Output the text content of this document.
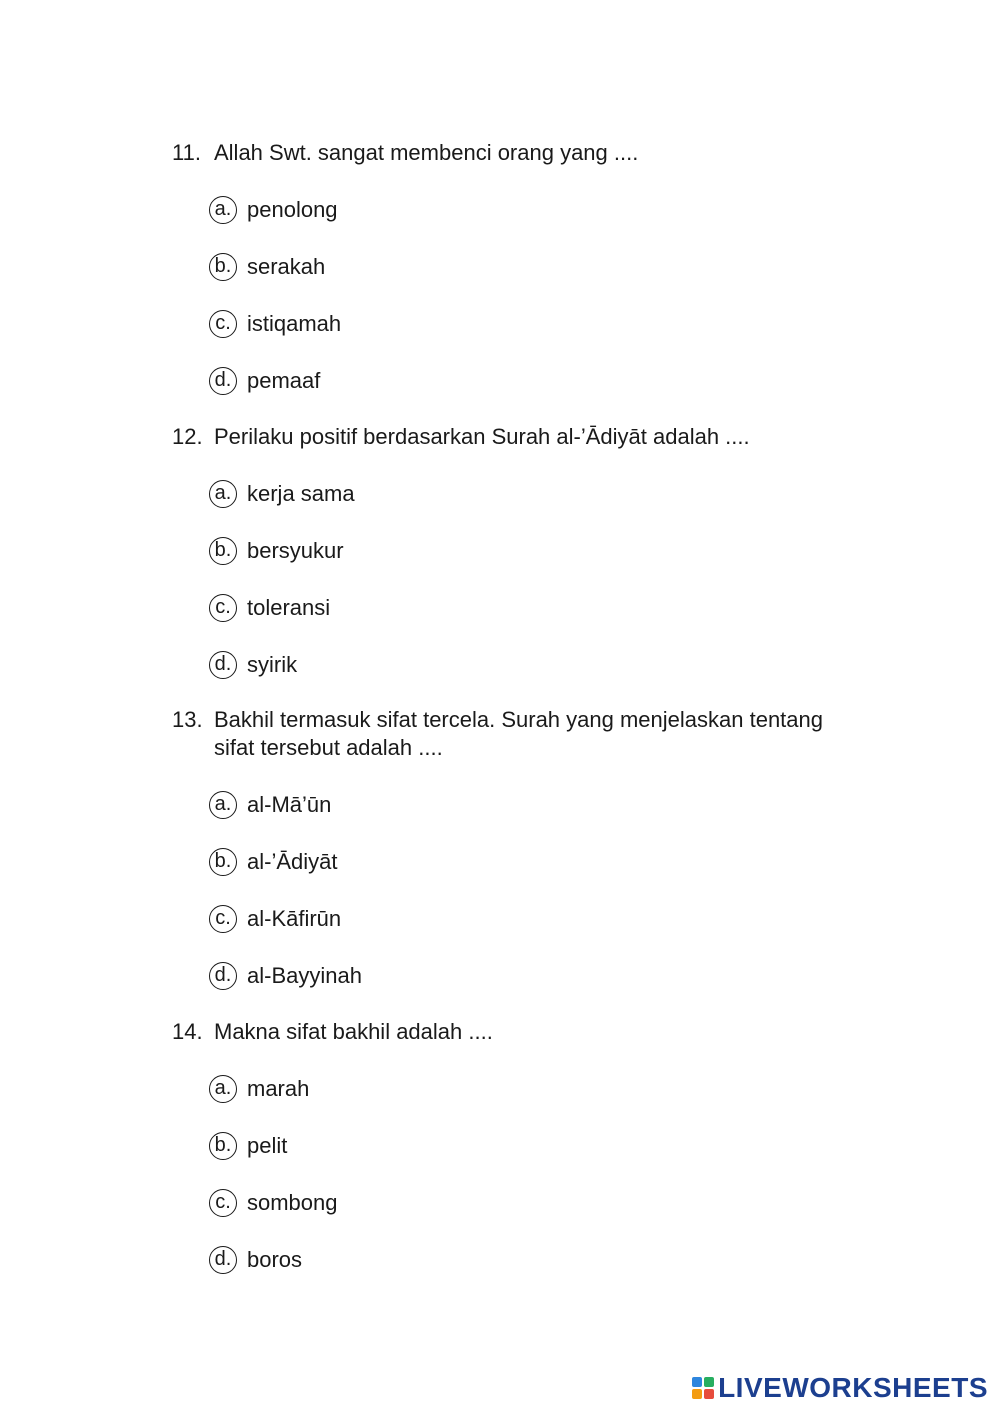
11. Allah Swt. sangat membenci orang yang ....
a. penolong
b. serakah
c. istiqamah
d. pemaaf
12. Perilaku positif berdasarkan Surah al-’Ādiyāt adalah ....
a. kerja sama
b. bersyukur
c. toleransi
d. syirik
13. Bakhil termasuk sifat tercela. Surah yang menjelaskan tentang sifat tersebut adalah ....
a. al-Mā’ūn
b. al-’Ādiyāt
c. al-Kāfirūn
d. al-Bayyinah
14. Makna sifat bakhil adalah ....
a. marah
b. pelit
c. sombong
d. boros
LIVEWORKSHEETS
